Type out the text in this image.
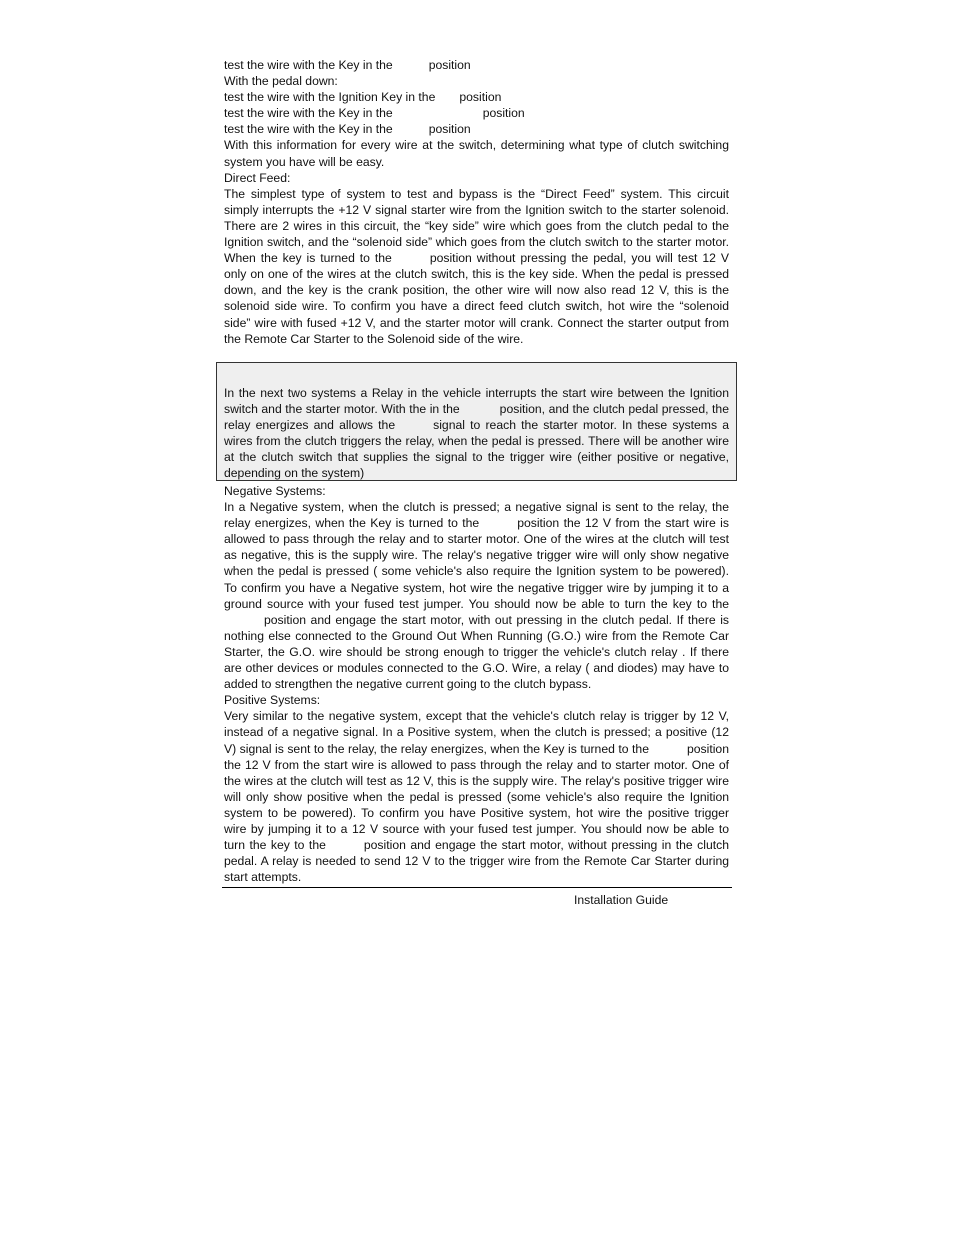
test the wire with the Key in the	position

With the pedal down:

test the wire with the Ignition Key in the position

test the wire with the Key in the	position

test the wire with the Key in the	position

With this information for every wire at the switch, determining what type of clutch switching system you have will be easy.

Direct Feed:

The simplest type of system to test and bypass is the “Direct Feed” system. This circuit simply interrupts the +12 V signal starter wire from the Ignition switch to the starter solenoid. There are 2 wires in this circuit, the “key side” wire which goes from the clutch pedal to the Ignition switch, and the “solenoid side” which goes from the clutch switch to the starter motor. When the key is turned to the	position without pressing the pedal, you will test 12 V only on one of the wires at the clutch switch, this is the key side. When the pedal is pressed down, and the key is the crank position, the other wire will now also read 12 V, this is the solenoid side wire. To confirm you have a direct feed clutch switch, hot wire the “solenoid side” wire with fused +12 V, and the starter motor will crank. Connect the starter output from the Remote Car Starter to the Solenoid side of the wire.

In the next two systems a Relay in the vehicle interrupts the start wire between the Ignition switch and the starter motor. With the in the	position, and the clutch pedal pressed, the relay energizes and allows the	signal to reach the starter motor. In these systems a wires from the clutch triggers the relay, when the pedal is pressed. There will be another wire at the clutch switch that supplies the signal to the trigger wire (either positive or negative, depending on the system)

Negative Systems:

In a Negative system, when the clutch is pressed; a negative signal is sent to the relay, the relay energizes, when the Key is turned to the	position the 12 V from the start wire is allowed to pass through the relay and to starter motor. One of the wires at the clutch will test as negative, this is the supply wire. The relay's negative trigger wire will only show negative when the pedal is pressed ( some vehicle's also require the Ignition system to be powered). To confirm you have a Negative system, hot wire the negative trigger wire by jumping it to a ground source with your fused test jumper. You should now be able to turn the key to theposition and engage the start motor, with out pressing in the clutch pedal. If there is nothing else connected to the Ground Out When Running (G.O.) wire from the Remote Car Starter, the G.O. wire should be strong enough to trigger the vehicle's clutch relay . If there are other devices or modules connected to the G.O. Wire, a relay ( and diodes) may have to added to strengthen the negative current going to the clutch bypass.

Positive Systems:

Very similar to the negative system, except that the vehicle's clutch relay is trigger by 12 V, instead of a negative signal. In a Positive system, when the clutch is pressed; a positive (12 V) signal is sent to the relay, the relay energizes, when the Key is turned to the	position the 12 V from the start wire is allowed to pass through the relay and to starter motor. One of the wires at the clutch will test as 12 V, this is the supply wire. The relay's positive trigger wire will only show positive when the pedal is pressed (some vehicle's also require the Ignition system to be powered). To confirm you have Positive system, hot wire the positive trigger wire by jumping it to a 12 V source with your fused test jumper. You should now be able to turn the key to the	position and engage the start motor, without pressing in the clutch pedal. A relay is needed to send 12 V to the trigger wire from the Remote Car Starter during start attempts.

Installation Guide
